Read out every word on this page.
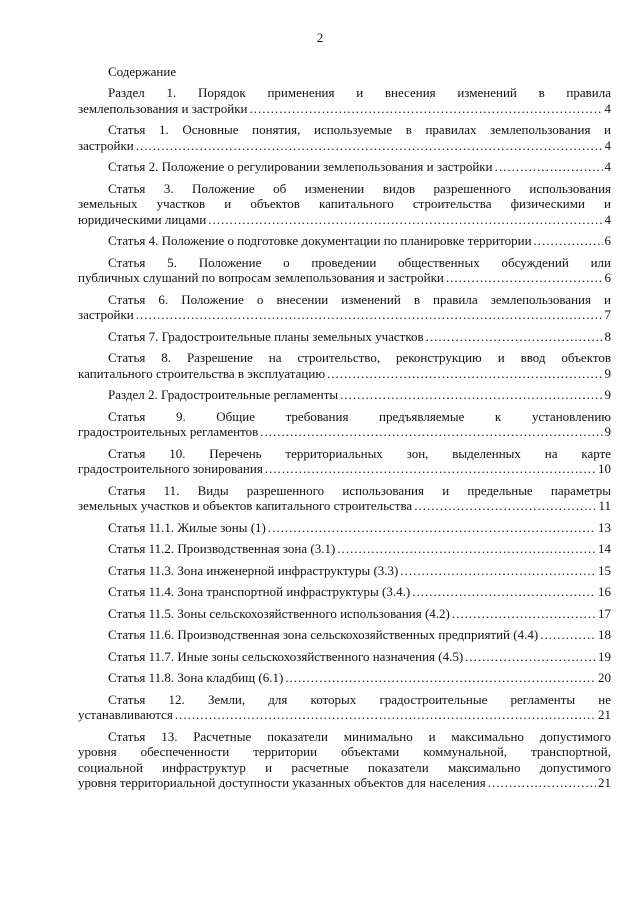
2
Содержание
Раздел 1. Порядок применения и внесения изменений в правила
землепользования и застройки .....	4
Статья 1. Основные понятия, используемые в правилах землепользования и
застройки .....	4
Статья 2. Положение о регулировании землепользования и застройки .....	4
Статья 3. Положение об изменении видов разрешенного использования
земельных участков и объектов капитального строительства физическими и
юридическими лицами .....	4
Статья 4. Положение о подготовке документации по планировке территории .....	6
Статья 5. Положение о проведении общественных обсуждений или
публичных слушаний по вопросам землепользования и застройки .....	6
Статья 6. Положение о внесении изменений в правила землепользования и
застройки .....	7
Статья 7. Градостроительные планы земельных участков .....	8
Статья 8. Разрешение на строительство, реконструкцию и ввод объектов
капитального строительства в эксплуатацию .....	9
Раздел 2. Градостроительные регламенты .....	9
Статья 9. Общие требования предъявляемые к установлению
градостроительных регламентов .....	9
Статья 10. Перечень территориальных зон, выделенных на карте
градостроительного зонирования .....	10
Статья 11. Виды разрешенного использования и предельные параметры
земельных участков и объектов капитального строительства .....	11
Статья 11.1. Жилые зоны (1) .....	13
Статья 11.2. Производственная зона (3.1) .....	14
Статья 11.3. Зона инженерной инфраструктуры (3.3) .....	15
Статья 11.4. Зона транспортной инфраструктуры (3.4.) .....	16
Статья 11.5. Зоны сельскохозяйственного использования (4.2) .....	17
Статья 11.6. Производственная зона сельскохозяйственных предприятий (4.4) .....	18
Статья 11.7. Иные зоны сельскохозяйственного назначения (4.5) .....	19
Статья 11.8. Зона кладбищ (6.1) .....	20
Статья 12. Земли, для которых градостроительные регламенты не
устанавливаются .....	21
Статья 13. Расчетные показатели минимально и максимально допустимого
уровня обеспеченности территории объектами коммунальной, транспортной,
социальной инфраструктур и расчетные показатели максимально допустимого
уровня территориальной доступности указанных объектов для населения .....	21
